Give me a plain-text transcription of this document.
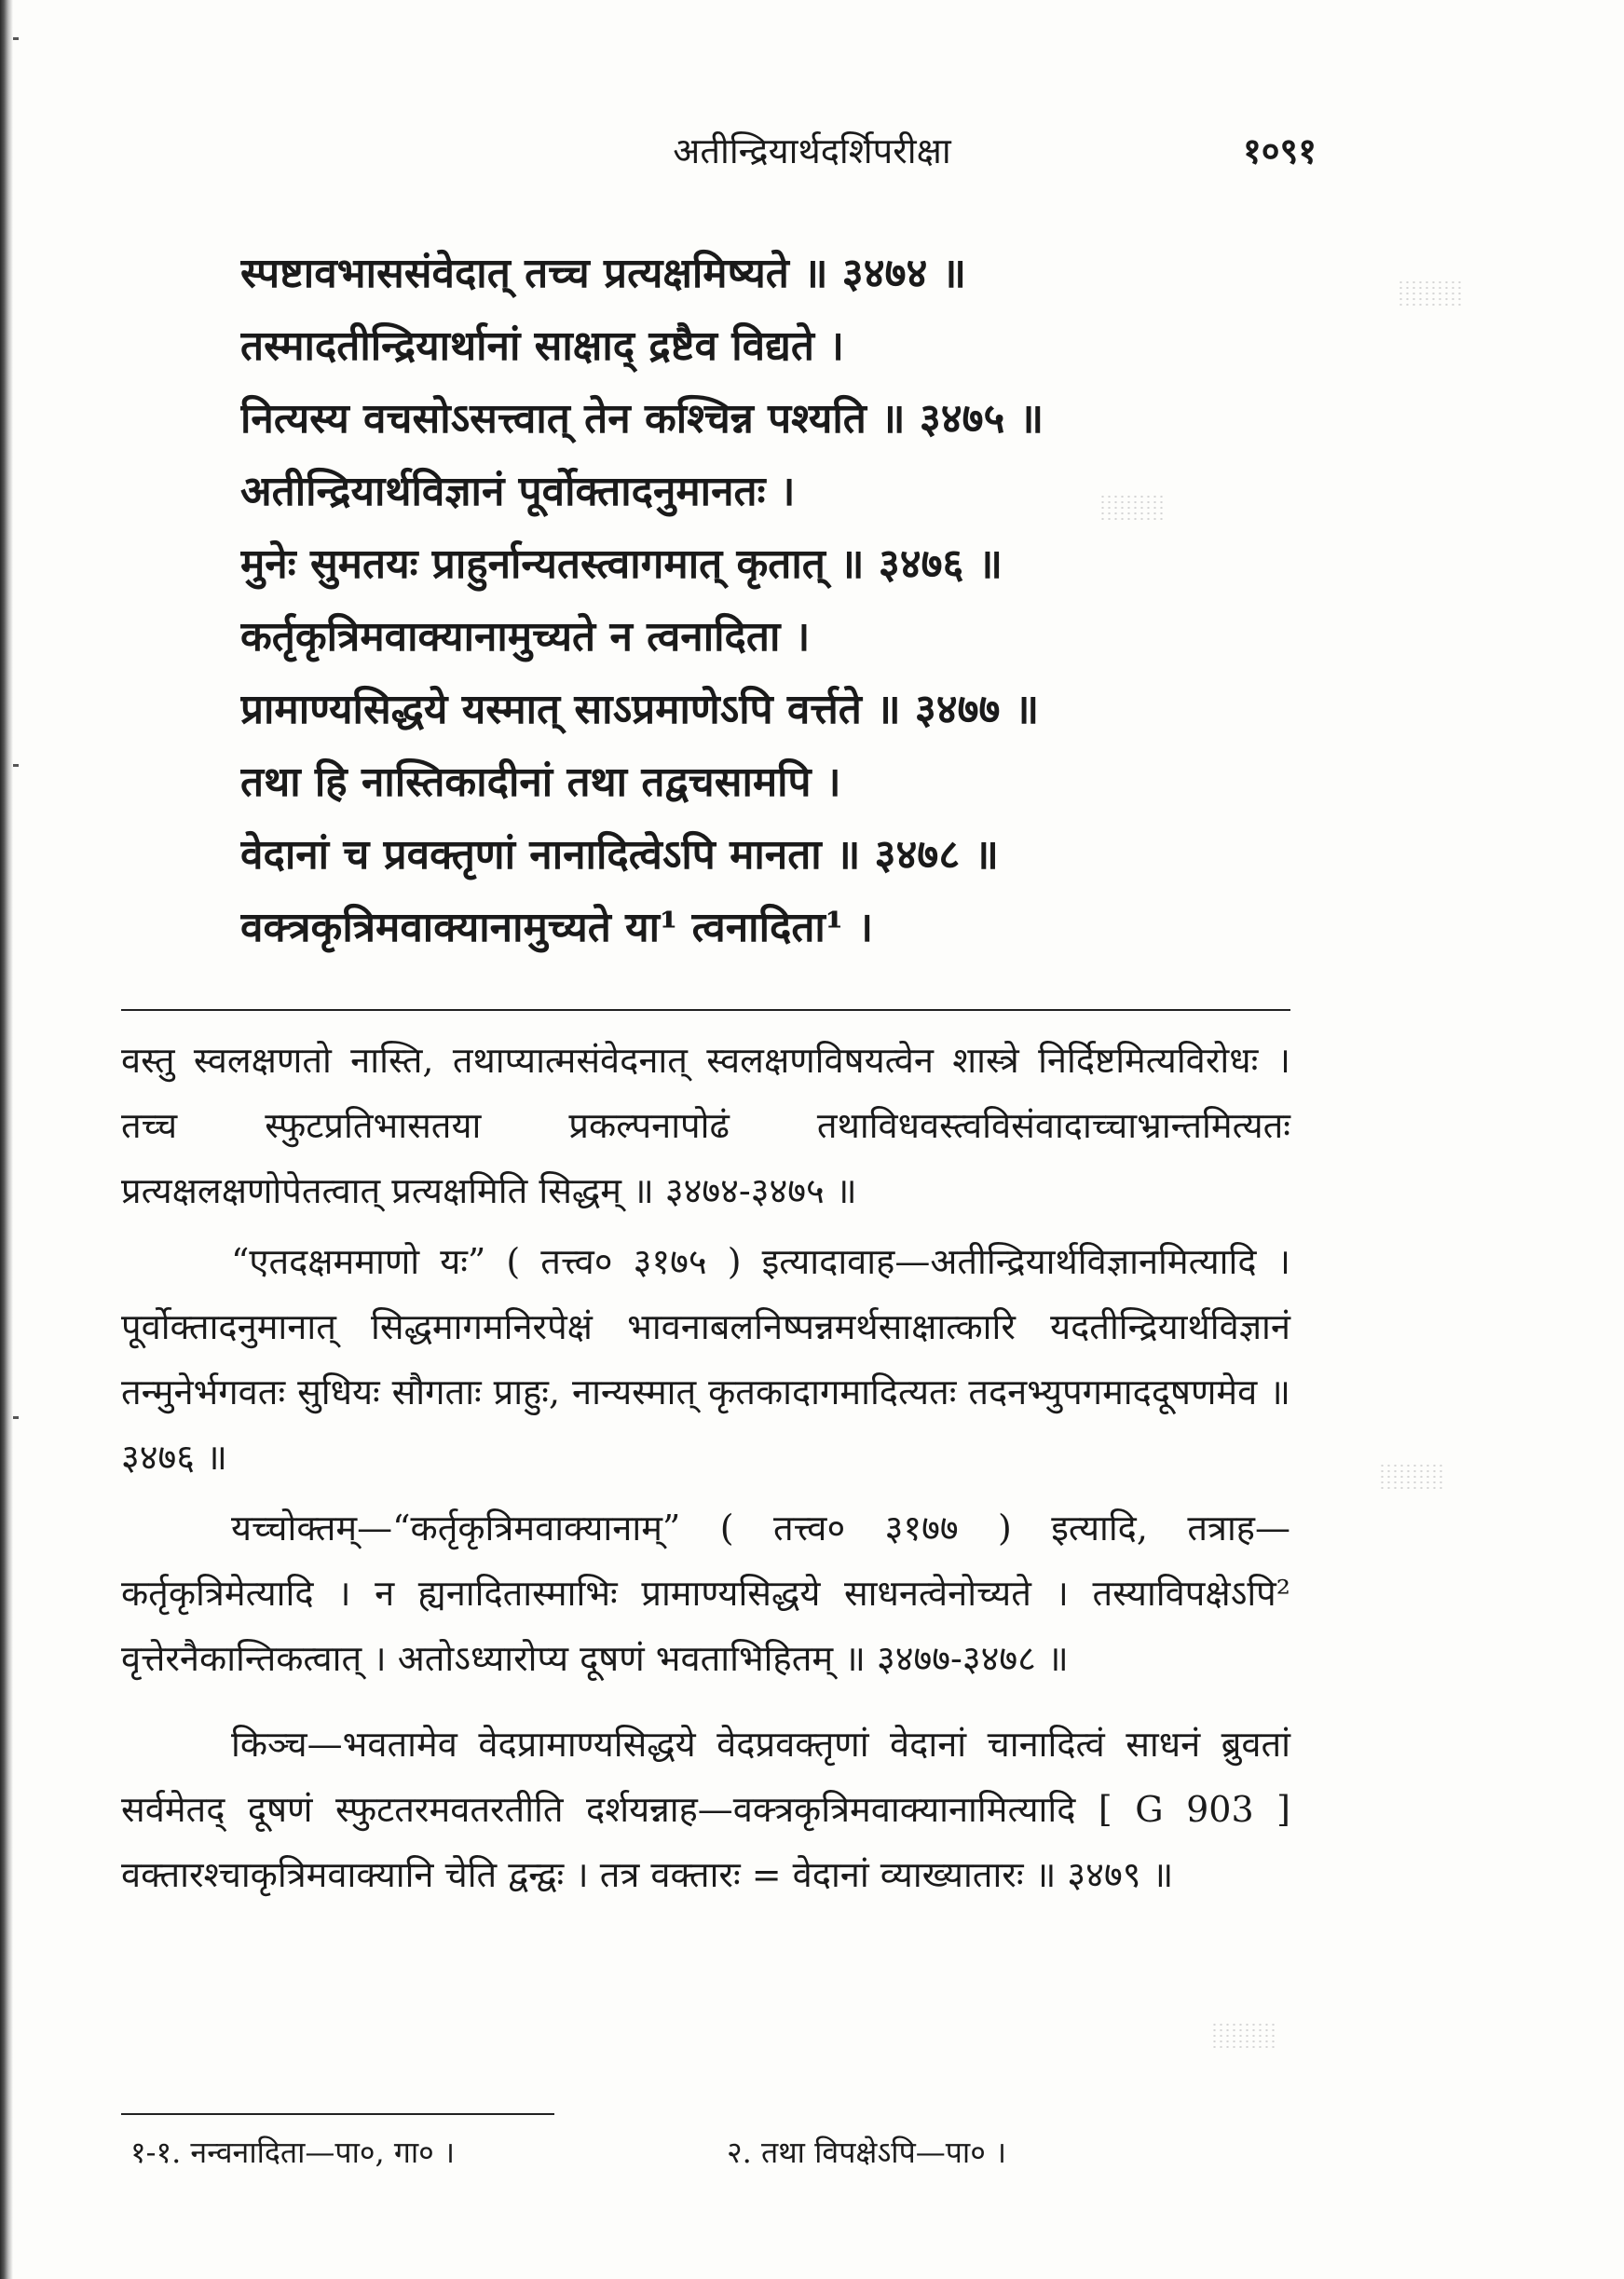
अतीन्द्रियार्थदर्शिपरीक्षा	१०९१
स्पष्टावभाससंवेदात् तच्च प्रत्यक्षमिष्यते ॥ ३४७४ ॥
तस्मादतीन्द्रियार्थानां साक्षाद् द्रष्टैव विद्यते ।
नित्यस्य वचसोऽसत्त्वात् तेन कश्चिन्न पश्यति ॥ ३४७५ ॥
अतीन्द्रियार्थविज्ञानं पूर्वोक्तादनुमानतः ।
मुनेः सुमतयः प्राहुर्नान्यतस्त्वागमात् कृतात् ॥ ३४७६ ॥
कर्तृकृत्रिमवाक्यानामुच्यते न त्वनादिता ।
प्रामाण्यसिद्धये यस्मात् साऽप्रमाणेऽपि वर्त्तते ॥ ३४७७ ॥
तथा हि नास्तिकादीनां तथा तद्वचसामपि ।
वेदानां च प्रवक्तृणां नानादित्वेऽपि मानता ॥ ३४७८ ॥
वक्त्रकृत्रिमवाक्यानामुच्यते या¹ त्वनादिता¹ ।

वस्तु स्वलक्षणतो नास्ति, तथाप्यात्मसंवेदनात् स्वलक्षणविषयत्वेन शास्त्रे निर्दिष्टमित्यविरोधः । तच्च स्फुटप्रतिभासतया प्रकल्पनापोढं तथाविधवस्त्वविसंवादाच्चाभ्रान्तमित्यतः प्रत्यक्षलक्षणोपेतत्वात् प्रत्यक्षमिति सिद्धम् ॥ ३४७४-३४७५ ॥

“एतदक्षममाणो यः” ( तत्त्व० ३१७५ ) इत्यादावाह—अतीन्द्रियार्थविज्ञानमित्यादि । पूर्वोक्तादनुमानात् सिद्धमागमनिरपेक्षं भावनाबलनिष्पन्नमर्थसाक्षात्कारि यदतीन्द्रियार्थविज्ञानं तन्मुनेर्भगवतः सुधियः सौगताः प्राहुः, नान्यस्मात् कृतकादागमादित्यतः तदनभ्युपगमाददूषणमेव ॥ ३४७६ ॥

यच्चोक्तम्—“कर्तृकृत्रिमवाक्यानाम्” ( तत्त्व० ३१७७ ) इत्यादि, तत्राह—कर्तृकृत्रिमेत्यादि । न ह्यनादितास्माभिः प्रामाण्यसिद्धये साधनत्वेनोच्यते । तस्याविपक्षेऽपि² वृत्तेरनैकान्तिकत्वात् । अतोऽध्यारोप्य दूषणं भवताभिहितम् ॥ ३४७७-३४७८ ॥

किञ्च—भवतामेव वेदप्रामाण्यसिद्धये वेदप्रवक्तृणां वेदानां चानादित्वं साधनं ब्रुवतां सर्वमेतद् दूषणं स्फुटतरमवतरतीति दर्शयन्नाह—वक्त्रकृत्रिमवाक्यानामित्यादि [ G 903 ] वक्तारश्चाकृत्रिमवाक्यानि चेति द्वन्द्वः । तत्र वक्तारः = वेदानां व्याख्यातारः ॥ ३४७९ ॥

१-१. नन्वनादिता—पा०, गा० ।	२. तथा विपक्षेऽपि—पा० ।
